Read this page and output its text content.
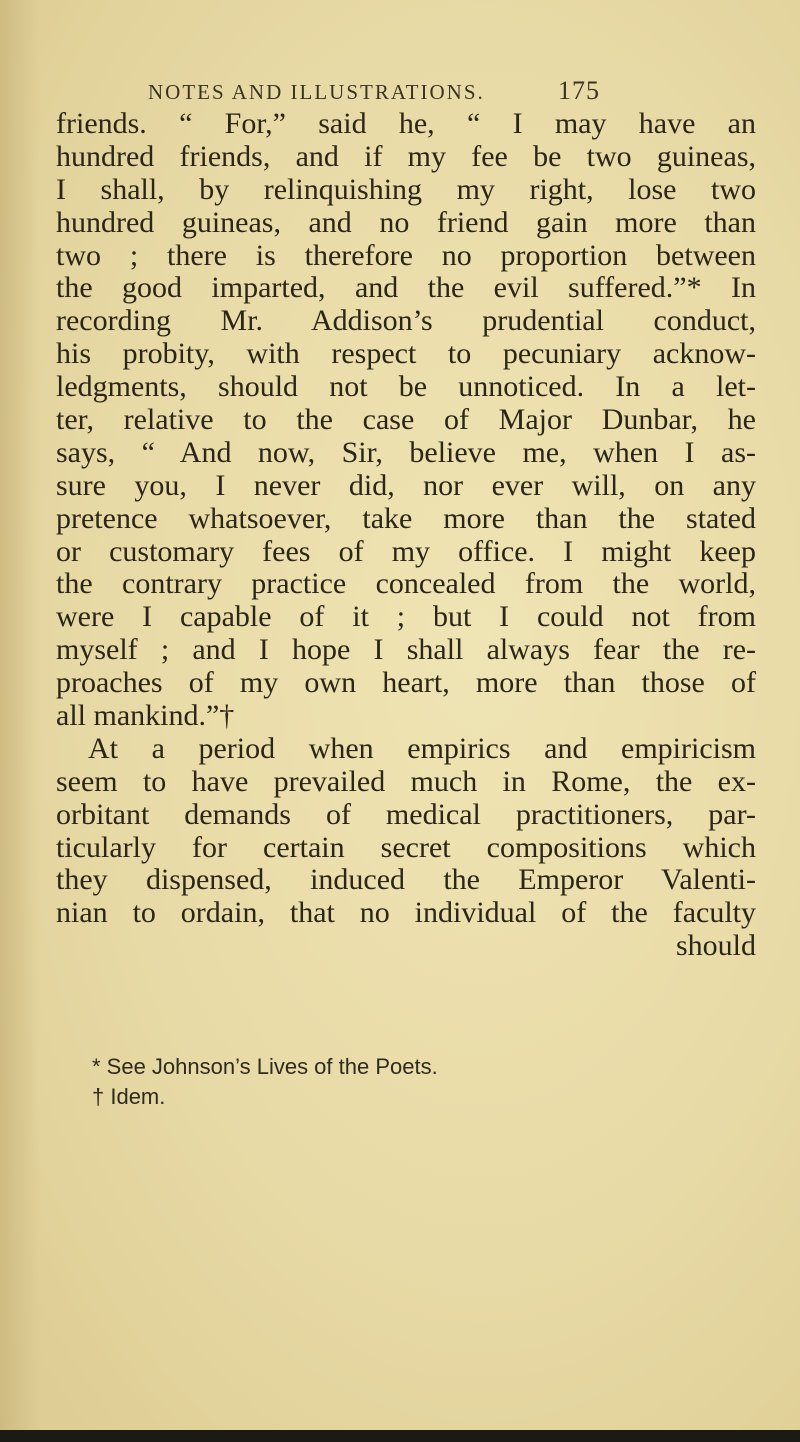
NOTES AND ILLUSTRATIONS.	175
friends. “ For,” said he, “ I may have an
hundred friends, and if my fee be two guineas,
I shall, by relinquishing my right, lose two
hundred guineas, and no friend gain more than
two ; there is therefore no proportion between
the good imparted, and the evil suffered.”* In
recording Mr. Addison’s prudential conduct,
his probity, with respect to pecuniary acknow-
ledgments, should not be unnoticed. In a let-
ter, relative to the case of Major Dunbar, he
says, “ And now, Sir, believe me, when I as-
sure you, I never did, nor ever will, on any
pretence whatsoever, take more than the stated
or customary fees of my office. I might keep
the contrary practice concealed from the world,
were I capable of it ; but I could not from
myself ; and I hope I shall always fear the re-
proaches of my own heart, more than those of
all mankind.”†
At a period when empirics and empiricism
seem to have prevailed much in Rome, the ex-
orbitant demands of medical practitioners, par-
ticularly for certain secret compositions which
they dispensed, induced the Emperor Valenti-
nian to ordain, that no individual of the faculty
should
* See Johnson’s Lives of the Poets.
† Idem.
